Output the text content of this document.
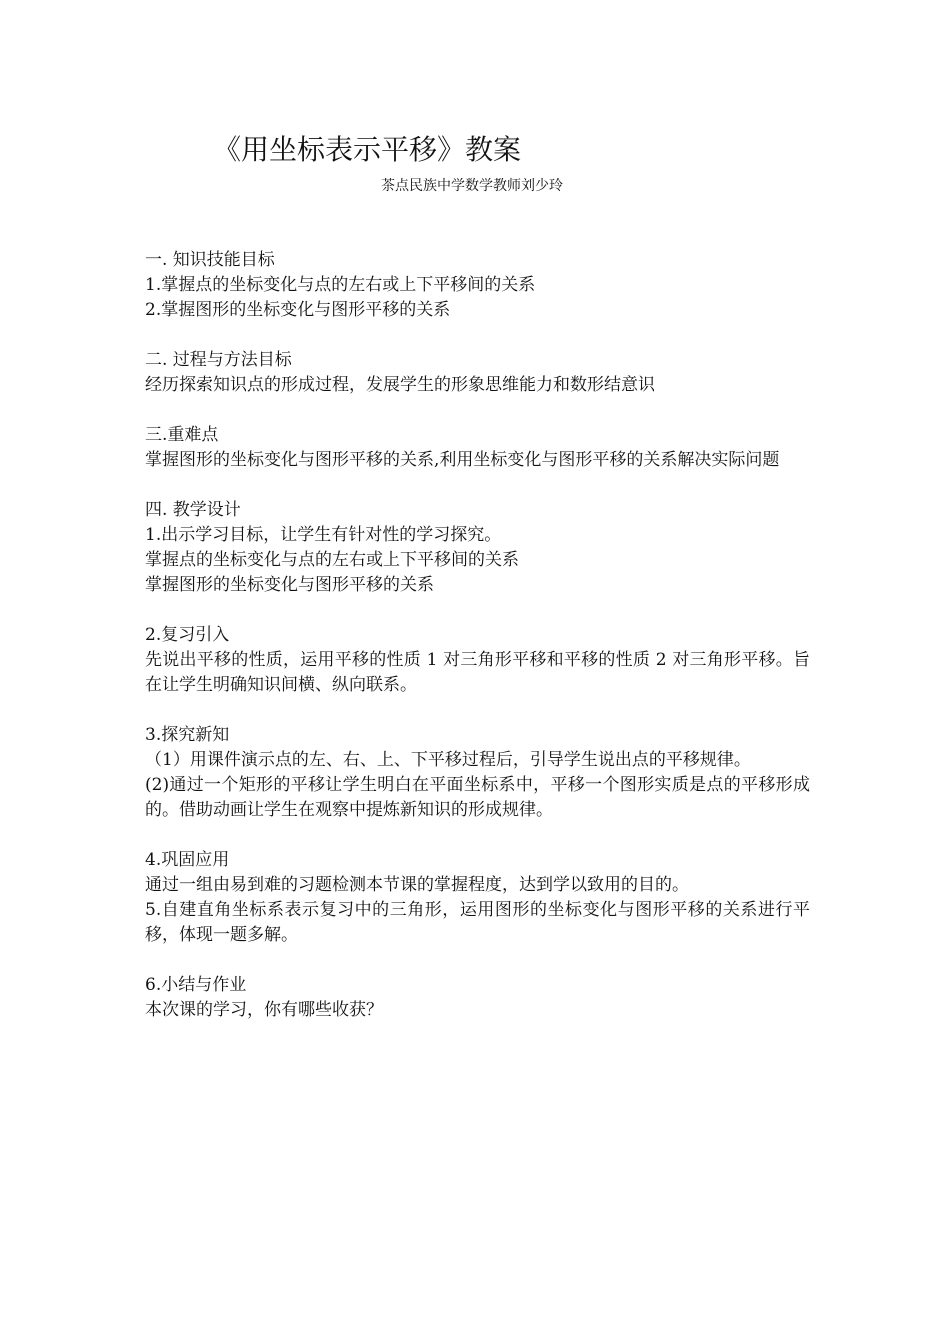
《用坐标表示平移》教案
茶点民族中学数学教师刘少玲

一. 知识技能目标

1.掌握点的坐标变化与点的左右或上下平移间的关系

2.掌握图形的坐标变化与图形平移的关系

二. 过程与方法目标

经历探索知识点的形成过程，发展学生的形象思维能力和数形结意识

三.重难点

掌握图形的坐标变化与图形平移的关系,利用坐标变化与图形平移的关系解决实际问题

四. 教学设计

1.出示学习目标，让学生有针对性的学习探究。

掌握点的坐标变化与点的左右或上下平移间的关系

掌握图形的坐标变化与图形平移的关系

2.复习引入

先说出平移的性质，运用平移的性质 1 对三角形平移和平移的性质 2 对三角形平移。旨在让学生明确知识间横、纵向联系。

3.探究新知

（1）用课件演示点的左、右、上、下平移过程后，引导学生说出点的平移规律。

(2)通过一个矩形的平移让学生明白在平面坐标系中，平移一个图形实质是点的平移形成的。借助动画让学生在观察中提炼新知识的形成规律。

4.巩固应用

通过一组由易到难的习题检测本节课的掌握程度，达到学以致用的目的。

5.自建直角坐标系表示复习中的三角形，运用图形的坐标变化与图形平移的关系进行平移，体现一题多解。

6.小结与作业

本次课的学习，你有哪些收获？
